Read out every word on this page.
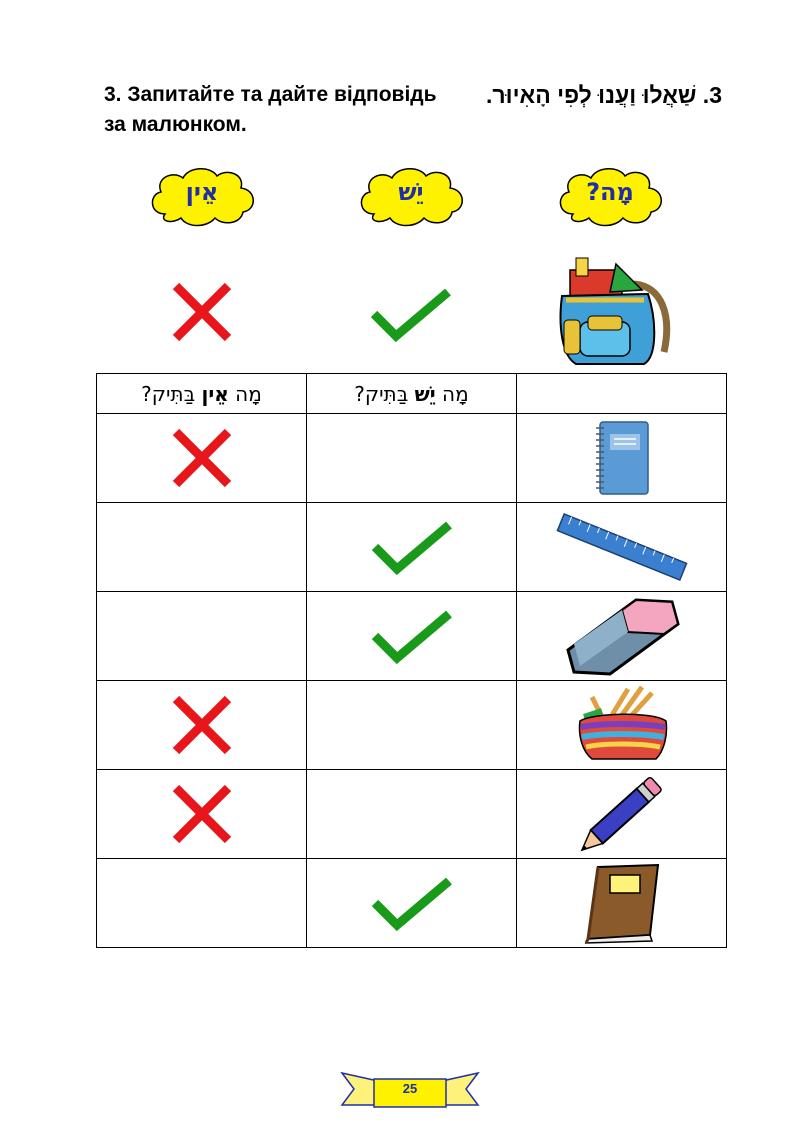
3. Запитайте та дайте відповідь за малюнком.
3. שַׁאֲלוּ וַעֲנוּ לְפִי הָאִיוּר.
מָה?
יֵשׁ
אֵין
מָה אֵין בַּתִּיק?	מָה יֵשׁ בַּתִּיק?	

25
